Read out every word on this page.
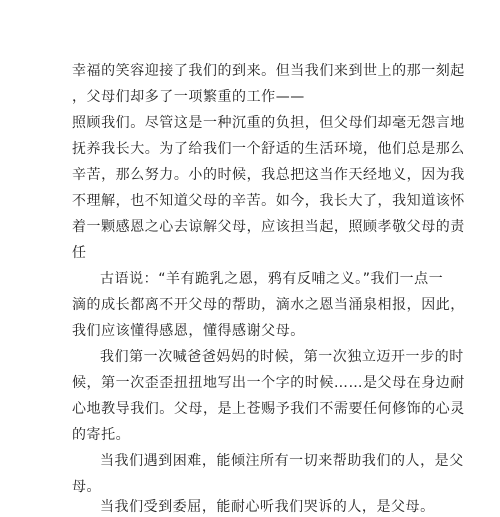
幸福的笑容迎接了我们的到来。但当我们来到世上的那一刻起
，父母们却多了一项繁重的工作——
照顾我们。尽管这是一种沉重的负担，但父母们却毫无怨言地
抚养我长大。为了给我们一个舒适的生活环境，他们总是那么
辛苦，那么努力。小的时候，我总把这当作天经地义，因为我
不理解，也不知道父母的辛苦。如今，我长大了，我知道该怀
着一颗感恩之心去谅解父母，应该担当起，照顾孝敬父母的责
任
古语说：“羊有跪乳之恩，鸦有反哺之义。”我们一点一
滴的成长都离不开父母的帮助，滴水之恩当涌泉相报，因此，
我们应该懂得感恩，懂得感谢父母。
我们第一次喊爸爸妈妈的时候，第一次独立迈开一步的时
候，第一次歪歪扭扭地写出一个字的时候……是父母在身边耐
心地教导我们。父母，是上苍赐予我们不需要任何修饰的心灵
的寄托。
当我们遇到困难，能倾注所有一切来帮助我们的人，是父
母。
当我们受到委屈，能耐心听我们哭诉的人，是父母。
